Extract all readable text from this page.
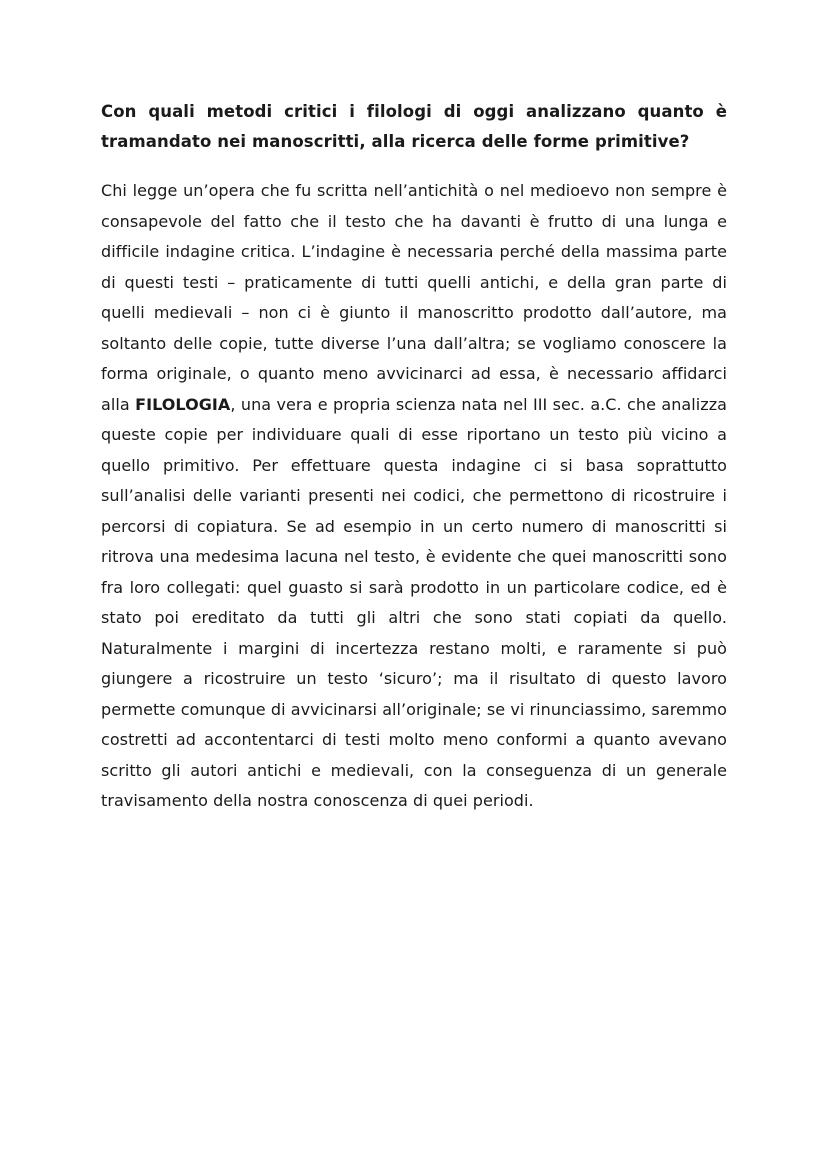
Con quali metodi critici i filologi di oggi analizzano quanto è tramandato nei manoscritti, alla ricerca delle forme primitive?

Chi legge un’opera che fu scritta nell’antichità o nel medioevo non sempre è consapevole del fatto che il testo che ha davanti è frutto di una lunga e difficile indagine critica. L’indagine è necessaria perché della massima parte di questi testi – praticamente di tutti quelli antichi, e della gran parte di quelli medievali – non ci è giunto il manoscritto prodotto dall’autore, ma soltanto delle copie, tutte diverse l’una dall’altra; se vogliamo conoscere la forma originale, o quanto meno avvicinarci ad essa, è necessario affidarci alla FILOLOGIA, una vera e propria scienza nata nel III sec. a.C. che analizza queste copie per individuare quali di esse riportano un testo più vicino a quello primitivo. Per effettuare questa indagine ci si basa soprattutto sull’analisi delle varianti presenti nei codici, che permettono di ricostruire i percorsi di copiatura. Se ad esempio in un certo numero di manoscritti si ritrova una medesima lacuna nel testo, è evidente che quei manoscritti sono fra loro collegati: quel guasto si sarà prodotto in un particolare codice, ed è stato poi ereditato da tutti gli altri che sono stati copiati da quello. Naturalmente i margini di incertezza restano molti, e raramente si può giungere a ricostruire un testo ‘sicuro’; ma il risultato di questo lavoro permette comunque di avvicinarsi all’originale; se vi rinunciassimo, saremmo costretti ad accontentarci di testi molto meno conformi a quanto avevano scritto gli autori antichi e medievali, con la conseguenza di un generale travisamento della nostra conoscenza di quei periodi.
